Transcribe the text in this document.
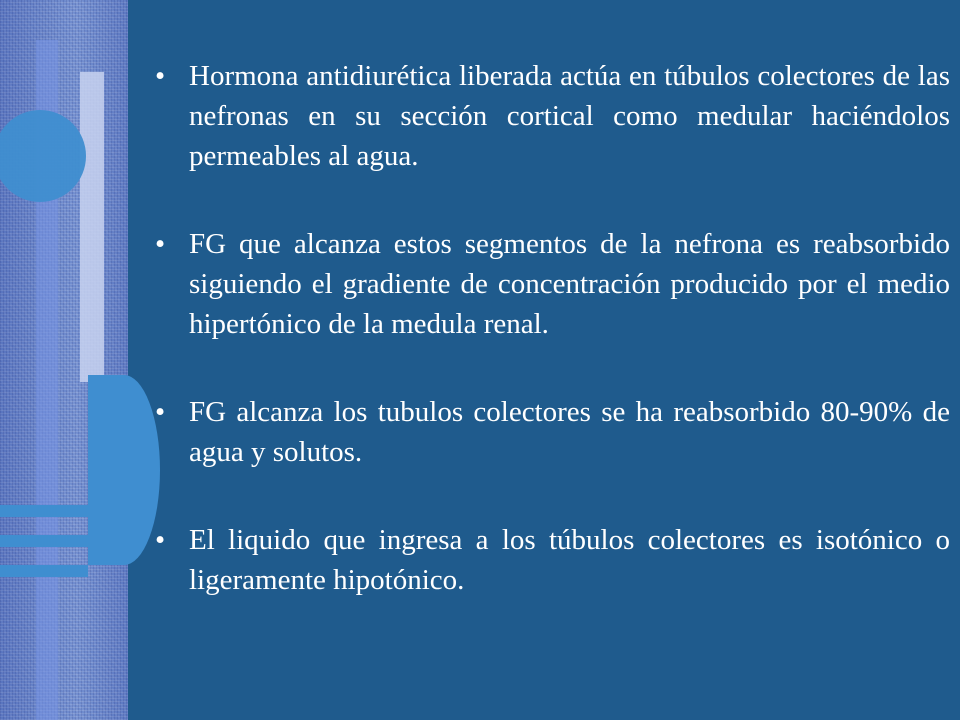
• Hormona antidiurética liberada actúa en túbulos colectores de las nefronas en su sección cortical como medular haciéndolos permeables al agua.
• FG que alcanza estos segmentos de la nefrona es reabsorbido siguiendo el gradiente de concentración producido por el medio hipertónico de la medula renal.
• FG alcanza los tubulos colectores se ha reabsorbido 80-90% de agua y solutos.
• El liquido que ingresa a los túbulos colectores es isotónico o ligeramente hipotónico.
